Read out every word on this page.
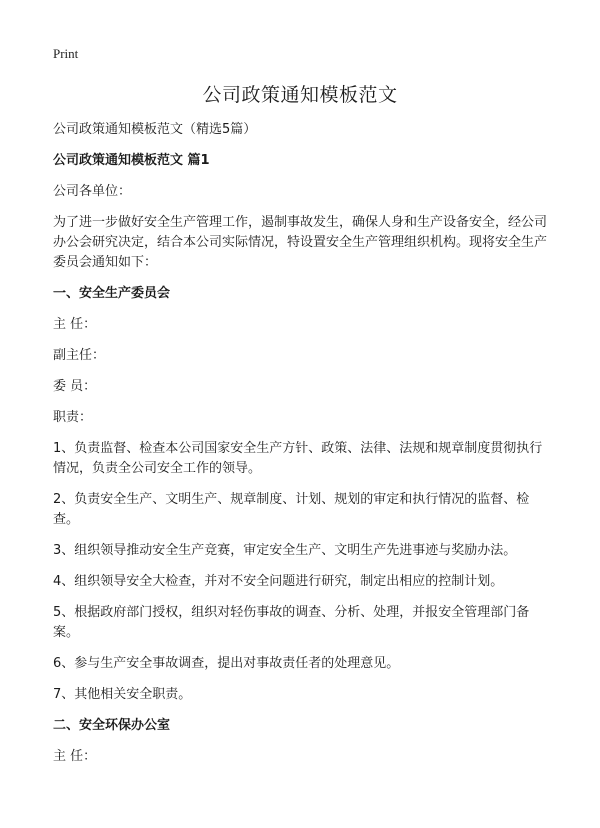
Print
公司政策通知模板范文

公司政策通知模板范文（精选5篇）

公司政策通知模板范文 篇1

公司各单位：

为了进一步做好安全生产管理工作，遏制事故发生，确保人身和生产设备安全，经公司办公会研究决定，结合本公司实际情况，特设置安全生产管理组织机构。现将安全生产委员会通知如下：

一、安全生产委员会

主 任：

副主任：

委 员：

职责：

1、负责监督、检查本公司国家安全生产方针、政策、法律、法规和规章制度贯彻执行情况，负责全公司安全工作的领导。

2、负责安全生产、文明生产、规章制度、计划、规划的审定和执行情况的监督、检查。

3、组织领导推动安全生产竞赛，审定安全生产、文明生产先进事迹与奖励办法。

4、组织领导安全大检查，并对不安全问题进行研究，制定出相应的控制计划。

5、根据政府部门授权，组织对轻伤事故的调查、分析、处理，并报安全管理部门备案。

6、参与生产安全事故调查，提出对事故责任者的处理意见。

7、其他相关安全职责。

二、安全环保办公室

主 任：
